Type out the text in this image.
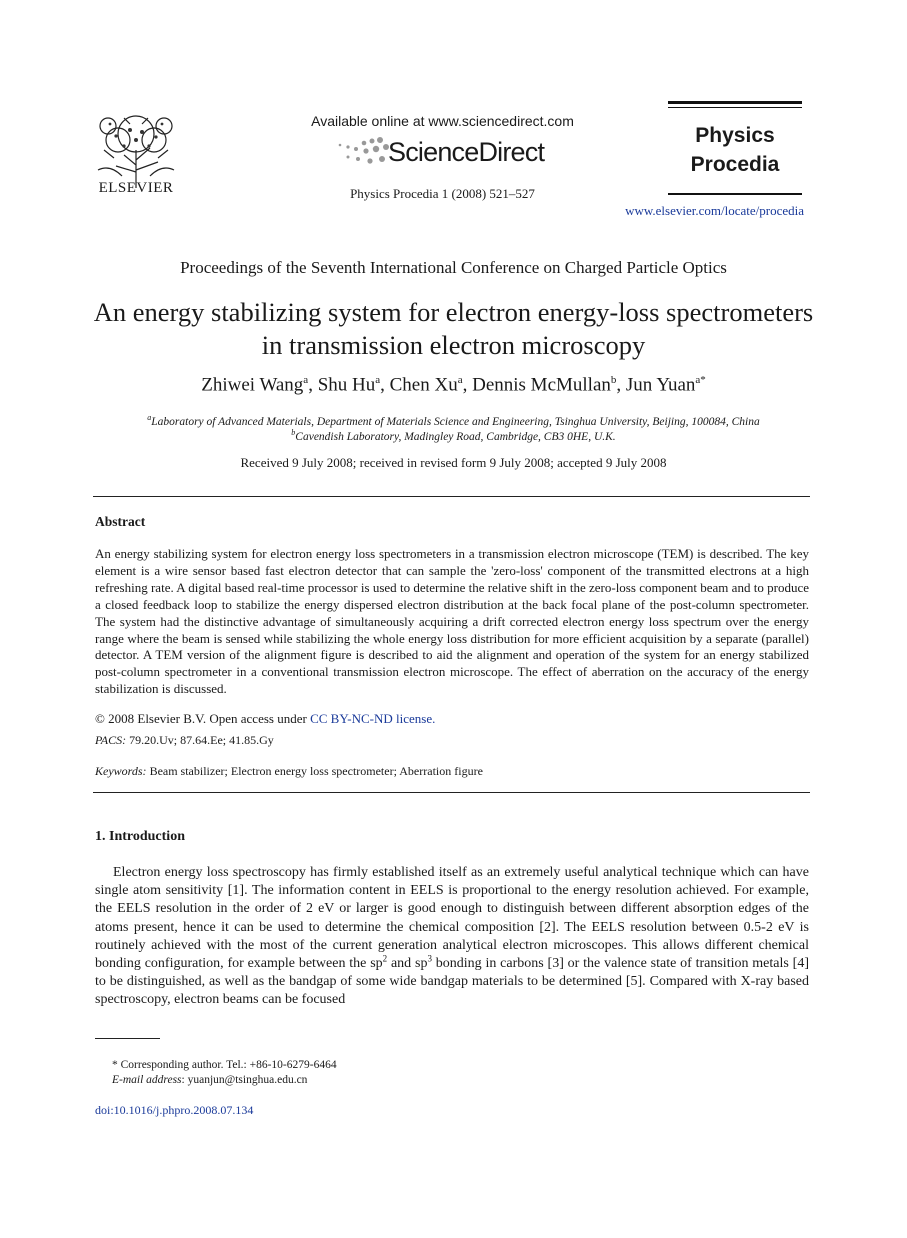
ELSEVIER
Available online at www.sciencedirect.com
ScienceDirect
Physics Procedia 1 (2008) 521–527
Physics
Procedia
www.elsevier.com/locate/procedia
Proceedings of the Seventh International Conference on Charged Particle Optics
An energy stabilizing system for electron energy-loss spectrometers
in transmission electron microscopy
Zhiwei Wang$^a$, Shu Hu$^a$, Chen Xu$^a$, Dennis McMullan$^b$, Jun Yuan$^{a*}$
$^a$Laboratory of Advanced Materials, Department of Materials Science and Engineering, Tsinghua University, Beijing, 100084, China
$^b$Cavendish Laboratory, Madingley Road, Cambridge, CB3 0HE, U.K.
Received 9 July 2008; received in revised form 9 July 2008; accepted 9 July 2008
Abstract
An energy stabilizing system for electron energy loss spectrometers in a transmission electron microscope (TEM) is described. The key element is a wire sensor based fast electron detector that can sample the 'zero-loss' component of the transmitted electrons at a high refreshing rate. A digital based real-time processor is used to determine the relative shift in the zero-loss component beam and to produce a closed feedback loop to stabilize the energy dispersed electron distribution at the back focal plane of the post-column spectrometer. The system had the distinctive advantage of simultaneously acquiring a drift corrected electron energy loss spectrum over the energy range where the beam is sensed while stabilizing the whole energy loss distribution for more efficient acquisition by a separate (parallel) detector. A TEM version of the alignment figure is described to aid the alignment and operation of the system for an energy stabilized post-column spectrometer in a conventional transmission electron microscope. The effect of aberration on the accuracy of the energy stabilization is discussed.
© 2008 Elsevier B.V. Open access under CC BY-NC-ND license.
PACS: 79.20.Uv; 87.64.Ee; 41.85.Gy
Keywords: Beam stabilizer; Electron energy loss spectrometer; Aberration figure
1. Introduction
Electron energy loss spectroscopy has firmly established itself as an extremely useful analytical technique which can have single atom sensitivity [1]. The information content in EELS is proportional to the energy resolution achieved. For example, the EELS resolution in the order of 2 eV or larger is good enough to distinguish between different absorption edges of the atoms present, hence it can be used to determine the chemical composition [2]. The EELS resolution between 0.5-2 eV is routinely achieved with the most of the current generation analytical electron microscopes. This allows different chemical bonding configuration, for example between the $sp^2$ and $sp^3$ bonding in carbons [3] or the valence state of transition metals [4] to be distinguished, as well as the bandgap of some wide bandgap materials to be determined [5]. Compared with X-ray based spectroscopy, electron beams can be focused
* Corresponding author. Tel.: +86-10-6279-6464
E-mail address: yuanjun@tsinghua.edu.cn
doi:10.1016/j.phpro.2008.07.134
